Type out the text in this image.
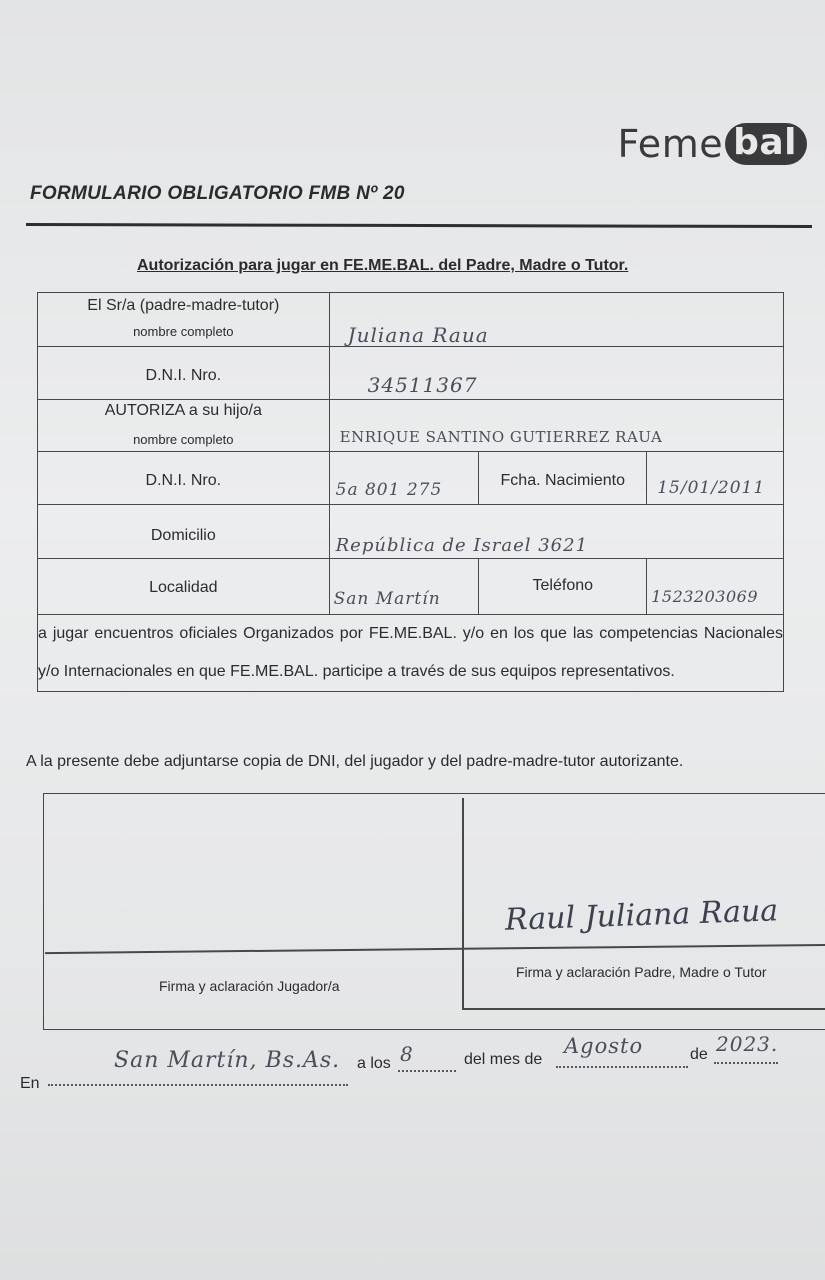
Feme bal
FORMULARIO OBLIGATORIO FMB Nº 20
Autorización para jugar en FE.ME.BAL. del Padre, Madre o Tutor.
El Sr/a (padre-madre-tutor)
nombre completo	Juliana Raua		

D.N.I. Nro.	34511367		

AUTORIZA a su hijo/a
nombre completo	ENRIQUE SANTINO GUTIERREZ RAUA		

D.N.I. Nro.	5a 801 275	Fcha. Nacimiento	15/01/2011

Domicilio	República de Israel 3621		

Localidad	San Martín	Teléfono	1523203069

a jugar encuentros oficiales Organizados por FE.ME.BAL. y/o en los que las competencias Nacionales y/o Internacionales en que FE.ME.BAL. participe a través de sus equipos representativos.			
A la presente debe adjuntarse copia de DNI, del jugador y del padre-madre-tutor autorizante.
Raul Juliana Raua
Firma y aclaración Jugador/a
Firma y aclaración Padre, Madre o Tutor
En
San Martín, Bs.As. a los 8	del mes de
Agosto	de 2023.
